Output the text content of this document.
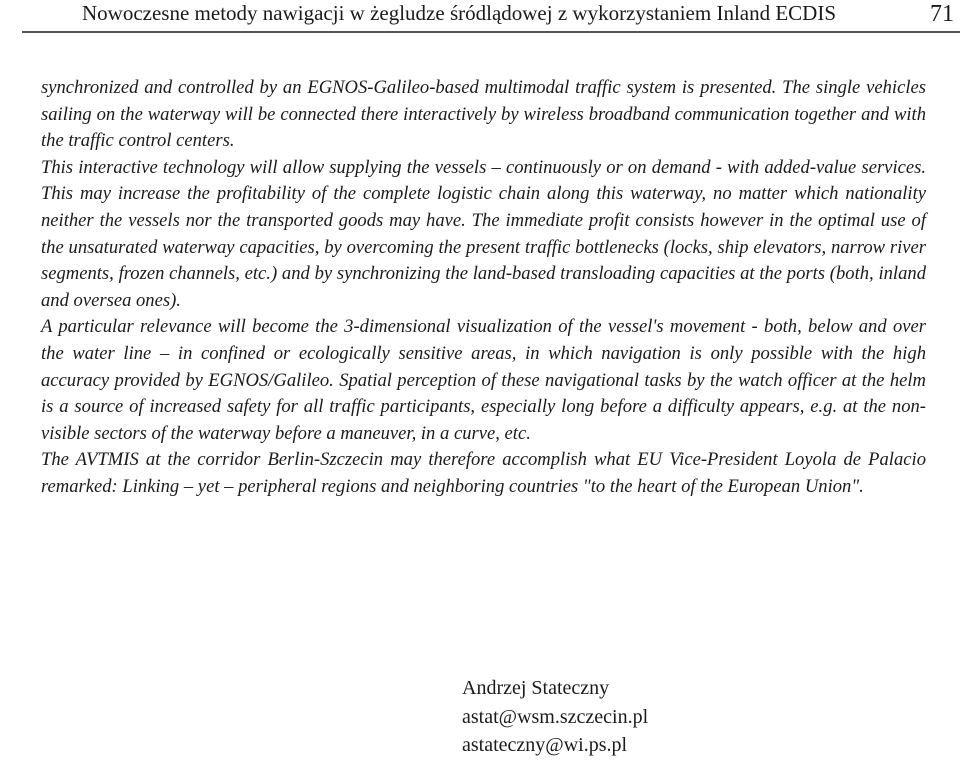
Nowoczesne metody nawigacji w żegludze śródlądowej z wykorzystaniem Inland ECDIS	71

synchronized and controlled by an EGNOS-Galileo-based multimodal traffic system is presented. The single vehicles sailing on the waterway will be connected there interactively by wireless broadband communication together and with the traffic control centers.

This interactive technology will allow supplying the vessels – continuously or on demand - with added-value services. This may increase the profitability of the complete logistic chain along this waterway, no matter which nationality neither the vessels nor the transported goods may have. The immediate profit consists however in the optimal use of the unsaturated waterway capacities, by overcoming the present traffic bottlenecks (locks, ship elevators, narrow river segments, frozen channels, etc.) and by synchronizing the land-based transloading capacities at the ports (both, inland and oversea ones).

A particular relevance will become the 3-dimensional visualization of the vessel's movement - both, below and over the water line – in confined or ecologically sensitive areas, in which navigation is only possible with the high accuracy provided by EGNOS/Galileo. Spatial perception of these navigational tasks by the watch officer at the helm is a source of increased safety for all traffic participants, especially long before a difficulty appears, e.g. at the non-visible sectors of the waterway before a maneuver, in a curve, etc.

The AVTMIS at the corridor Berlin-Szczecin may therefore accomplish what EU Vice-President Loyola de Palacio remarked: Linking – yet – peripheral regions and neighboring countries "to the heart of the European Union".

Andrzej Stateczny
astat@wsm.szczecin.pl
astateczny@wi.ps.pl
